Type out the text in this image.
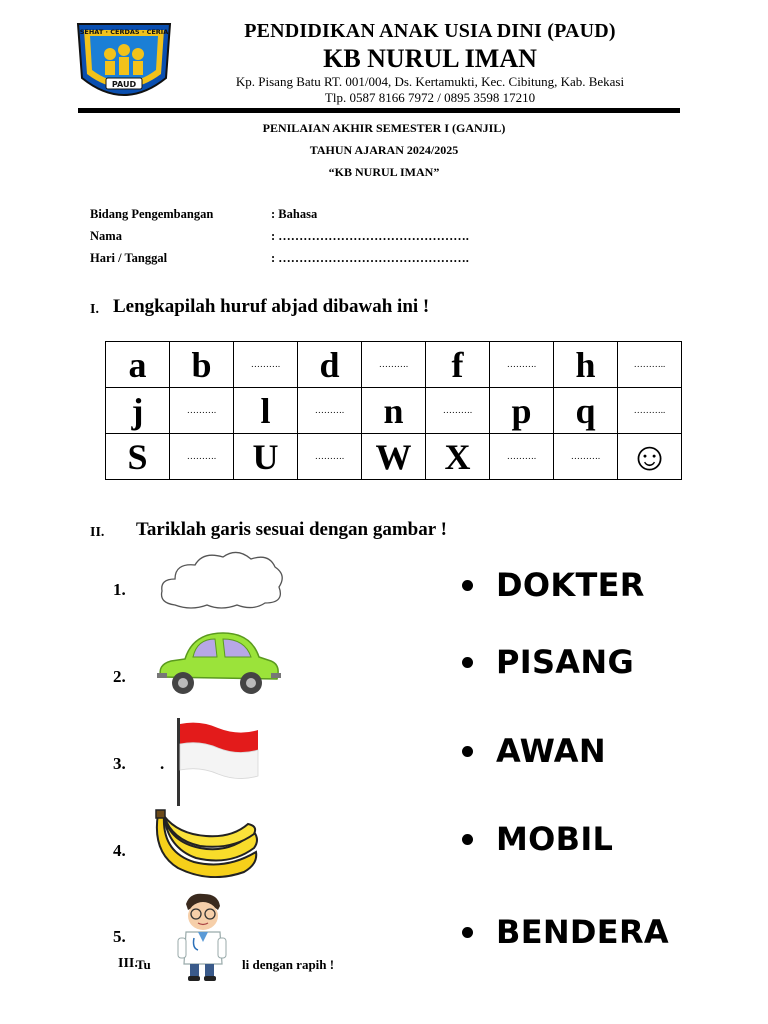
SEHAT · CERDAS · CERIA
PAUD
PENDIDIKAN ANAK USIA DINI (PAUD)
KB NURUL IMAN
Kp. Pisang Batu RT. 001/004, Ds. Kertamukti, Kec. Cibitung, Kab. Bekasi
Tlp. 0587 8166 7972 / 0895 3598 17210
PENILAIAN AKHIR SEMESTER I (GANJIL)
TAHUN AJARAN 2024/2025
“KB NURUL IMAN”
Bidang Pengembangan	: Bahasa
Nama	: ……………………………………….
Hari / Tanggal	: ……………………………………….
I. Lengkapilah huruf abjad dibawah ini !
a	b	……….	d	……….	f	……….	h	………..
j	……….	l	……….	n	……….	p	q	………..
S	……….	U	……….	W	X	……….	……….	☺
II. Tariklah garis sesuai dengan gambar !
1.
2.
3. .
4.
5.
DOKTER
PISANG
AWAN
MOBIL
BENDERA
III.
Tu	li dengan rapih !
